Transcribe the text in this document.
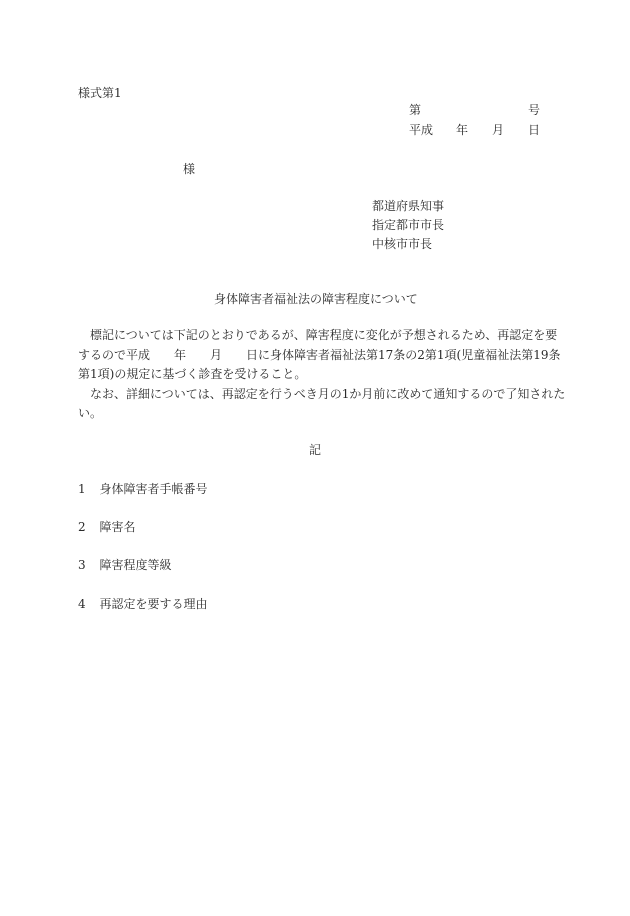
様式第1
第	号
平成 年 月 日
様
都道府県知事
指定都市市長
中核市市長
身体障害者福祉法の障害程度について
　標記については下記のとおりであるが、障害程度に変化が予想されるため、再認定を要
するので平成　　年　　月　　日に身体障害者福祉法第17条の2第1項(児童福祉法第19条
第1項)の規定に基づく診査を受けること。
　なお、詳細については、再認定を行うべき月の1か月前に改めて通知するので了知された
い。
記
1 身体障害者手帳番号
2 障害名
3 障害程度等級
4 再認定を要する理由
